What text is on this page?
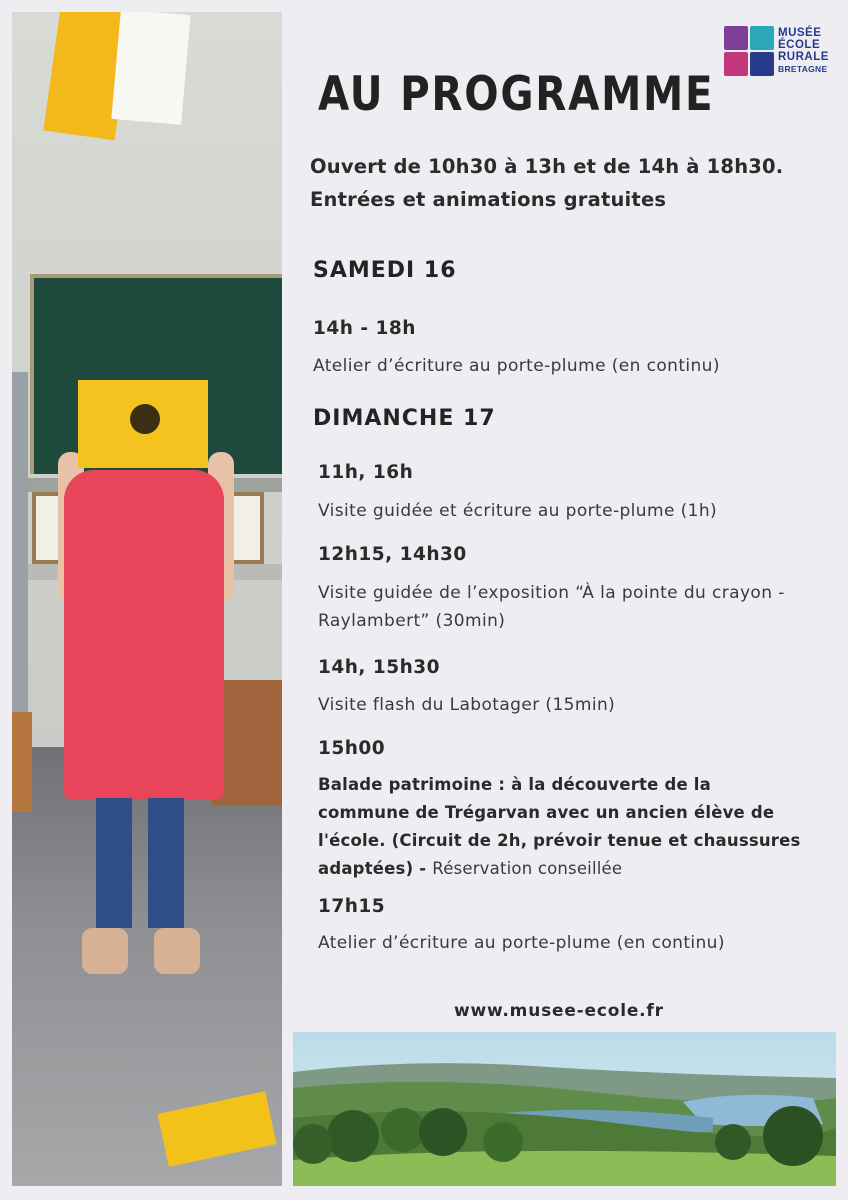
MUSÉE
ÉCOLE
RURALE
BRETAGNE
AU PROGRAMME

Ouvert de 10h30 à 13h et de 14h à 18h30. Entrées et animations gratuites

SAMEDI 16
14h - 18h
Atelier d’écriture au porte-plume (en continu)
DIMANCHE 17
11h, 16h
Visite guidée et écriture au porte-plume (1h)
12h15, 14h30
Visite guidée de l’exposition “À la pointe du crayon - Raylambert” (30min)
14h, 15h30
Visite flash du Labotager (15min)
15h00
Balade patrimoine : à la découverte de la commune de Trégarvan avec un ancien élève de l'école. (Circuit de 2h, prévoir tenue et chaussures adaptées) - Réservation conseillée
17h15
Atelier d’écriture au porte-plume (en continu)
www.musee-ecole.fr
